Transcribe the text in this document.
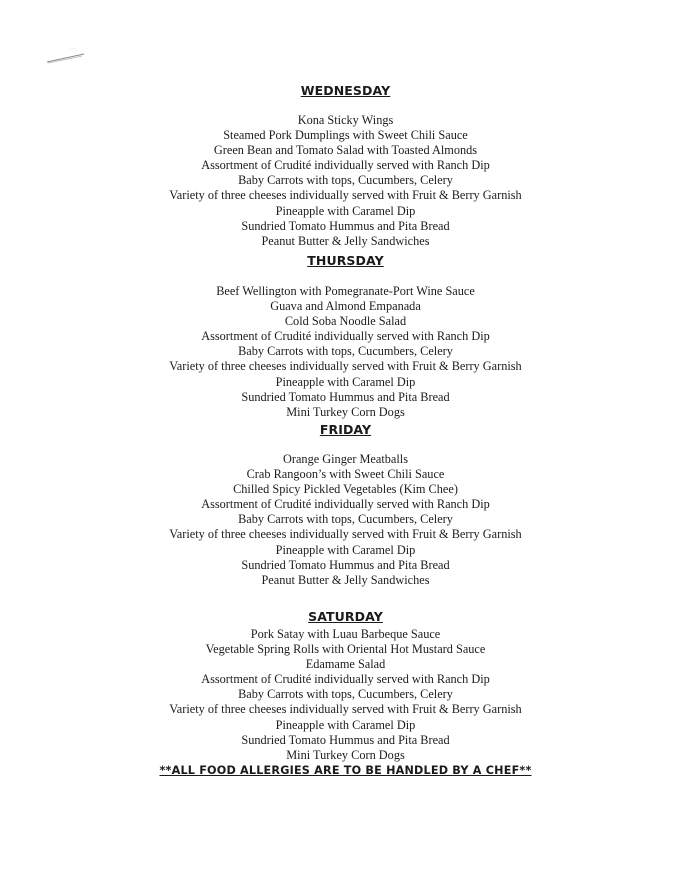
WEDNESDAY
Kona Sticky Wings
Steamed Pork Dumplings with Sweet Chili Sauce
Green Bean and Tomato Salad with Toasted Almonds
Assortment of Crudité individually served with Ranch Dip
Baby Carrots with tops, Cucumbers, Celery
Variety of three cheeses individually served with Fruit & Berry Garnish
Pineapple with Caramel Dip
Sundried Tomato Hummus and Pita Bread
Peanut Butter & Jelly Sandwiches
THURSDAY
Beef Wellington with Pomegranate-Port Wine Sauce
Guava and Almond Empanada
Cold Soba Noodle Salad
Assortment of Crudité individually served with Ranch Dip
Baby Carrots with tops, Cucumbers, Celery
Variety of three cheeses individually served with Fruit & Berry Garnish
Pineapple with Caramel Dip
Sundried Tomato Hummus and Pita Bread
Mini Turkey Corn Dogs
FRIDAY
Orange Ginger Meatballs
Crab Rangoon’s with Sweet Chili Sauce
Chilled Spicy Pickled Vegetables (Kim Chee)
Assortment of Crudité individually served with Ranch Dip
Baby Carrots with tops, Cucumbers, Celery
Variety of three cheeses individually served with Fruit & Berry Garnish
Pineapple with Caramel Dip
Sundried Tomato Hummus and Pita Bread
Peanut Butter & Jelly Sandwiches
SATURDAY
Pork Satay with Luau Barbeque Sauce
Vegetable Spring Rolls with Oriental Hot Mustard Sauce
Edamame Salad
Assortment of Crudité individually served with Ranch Dip
Baby Carrots with tops, Cucumbers, Celery
Variety of three cheeses individually served with Fruit & Berry Garnish
Pineapple with Caramel Dip
Sundried Tomato Hummus and Pita Bread
Mini Turkey Corn Dogs
**ALL FOOD ALLERGIES ARE TO BE HANDLED BY A CHEF**
